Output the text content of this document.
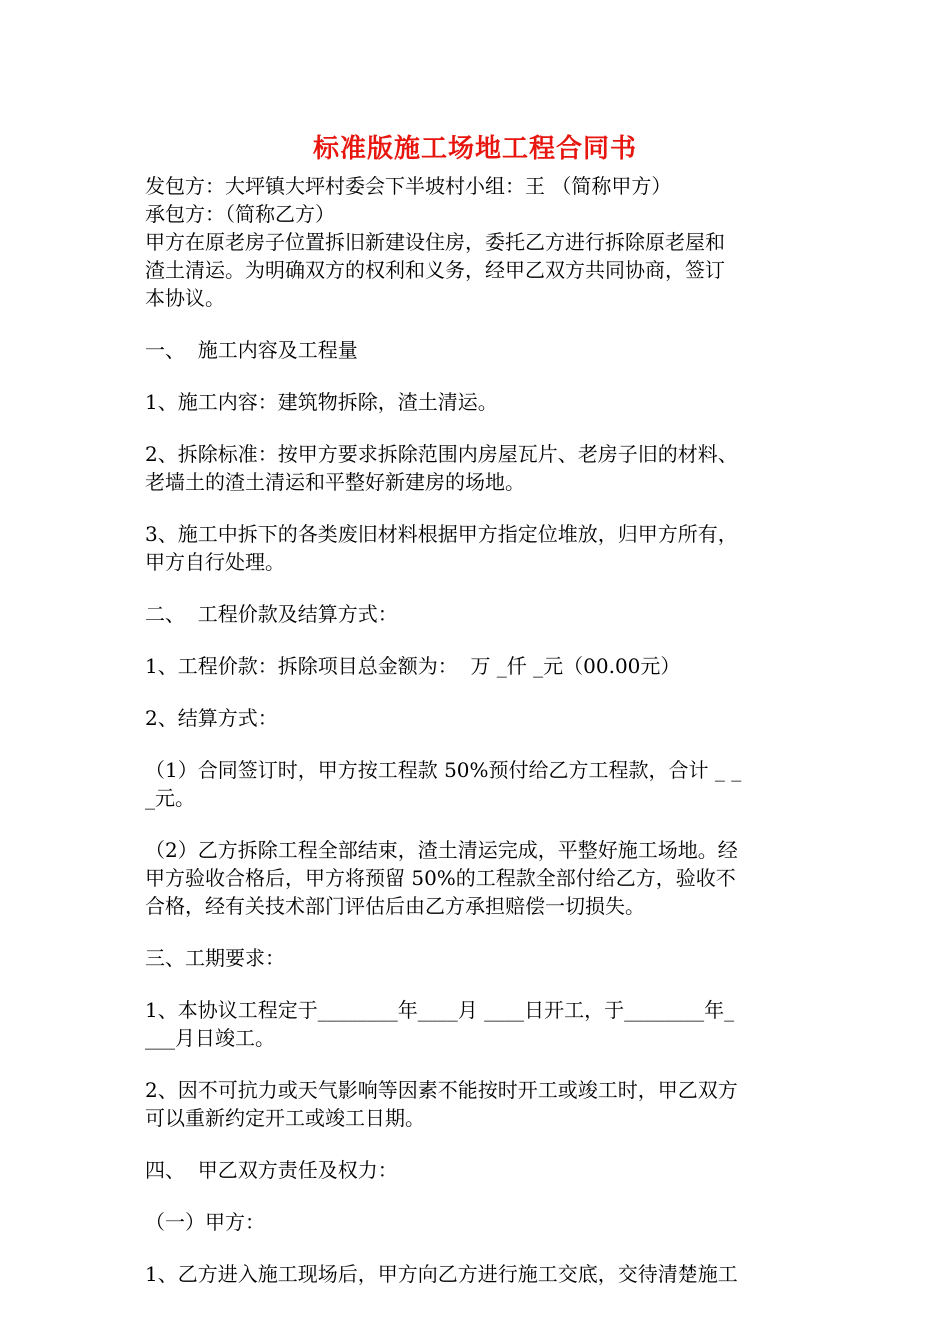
标准版施工场地工程合同书

发包方：大坪镇大坪村委会下半坡村小组：王 （简称甲方）

承包方：（简称乙方）

甲方在原老房子位置拆旧新建设住房，委托乙方进行拆除原老屋和

渣土清运。为明确双方的权利和义务，经甲乙双方共同协商，签订

本协议。

一、  施工内容及工程量

1、施工内容：建筑物拆除，渣土清运。

2、拆除标准：按甲方要求拆除范围内房屋瓦片、老房子旧的材料、

老墙土的渣土清运和平整好新建房的场地。

3、施工中拆下的各类废旧材料根据甲方指定位堆放，归甲方所有，

甲方自行处理。

二、  工程价款及结算方式：

1、工程价款：拆除项目总金额为：  万 _仟 _元（00.00元）

2、结算方式：

（1）合同签订时，甲方按工程款 50%预付给乙方工程款，合计 _ _

_元。

（2）乙方拆除工程全部结束，渣土清运完成，平整好施工场地。经

甲方验收合格后，甲方将预留 50%的工程款全部付给乙方，验收不

合格，经有关技术部门评估后由乙方承担赔偿一切损失。

三、工期要求：

1、本协议工程定于________年____月 ____日开工，于________年_

___月日竣工。

2、因不可抗力或天气影响等因素不能按时开工或竣工时，甲乙双方

可以重新约定开工或竣工日期。

四、  甲乙双方责任及权力：

（一）甲方：

1、乙方进入施工现场后，甲方向乙方进行施工交底，交待清楚施工
